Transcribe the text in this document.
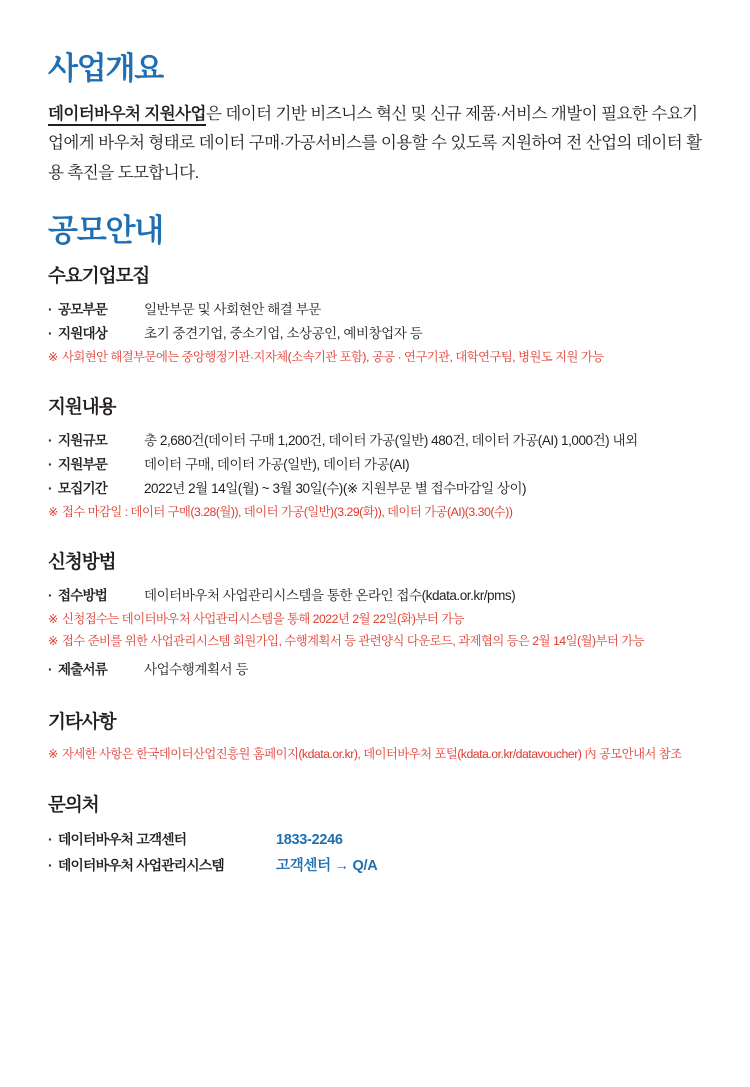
사업개요

데이터바우처 지원사업은 데이터 기반 비즈니스 혁신 및 신규 제품·서비스 개발이 필요한 수요기업에게 바우처 형태로 데이터 구매·가공서비스를 이용할 수 있도록 지원하여 전 산업의 데이터 활용 촉진을 도모합니다.

공모안내
수요기업모집
· 공모부문	일반부문 및 사회현안 해결 부문
· 지원대상	초기 중견기업, 중소기업, 소상공인, 예비창업자 등
※ 사회현안 해결부문에는 중앙행정기관·지자체(소속기관 포함), 공공 · 연구기관, 대학연구팀, 병원도 지원 가능
지원내용
· 지원규모	총 2,680건(데이터 구매 1,200건, 데이터 가공(일반) 480건, 데이터 가공(AI) 1,000건) 내외
· 지원부문	데이터 구매, 데이터 가공(일반), 데이터 가공(AI)
· 모집기간	2022년 2월 14일(월) ~ 3월 30일(수)(※ 지원부문 별 접수마감일 상이)
※ 접수 마감일 : 데이터 구매(3.28(월)), 데이터 가공(일반)(3.29(화)), 데이터 가공(AI)(3.30(수))
신청방법
· 접수방법	데이터바우처 사업관리시스템을 통한 온라인 접수(kdata.or.kr/pms)
※ 신청접수는 데이터바우처 사업관리시스템을 통해 2022년 2월 22일(화)부터 가능
※ 접수 준비를 위한 사업관리시스템 회원가입, 수행계획서 등 관련양식 다운로드, 과제협의 등은 2월 14일(월)부터 가능
· 제출서류	사업수행계획서 등
기타사항
※ 자세한 사항은 한국데이터산업진흥원 홈페이지(kdata.or.kr), 데이터바우처 포털(kdata.or.kr/datavoucher) 內 공모안내서 참조
문의처
· 데이터바우처 고객센터	1833-2246
· 데이터바우처 사업관리시스템	고객센터 → Q/A
